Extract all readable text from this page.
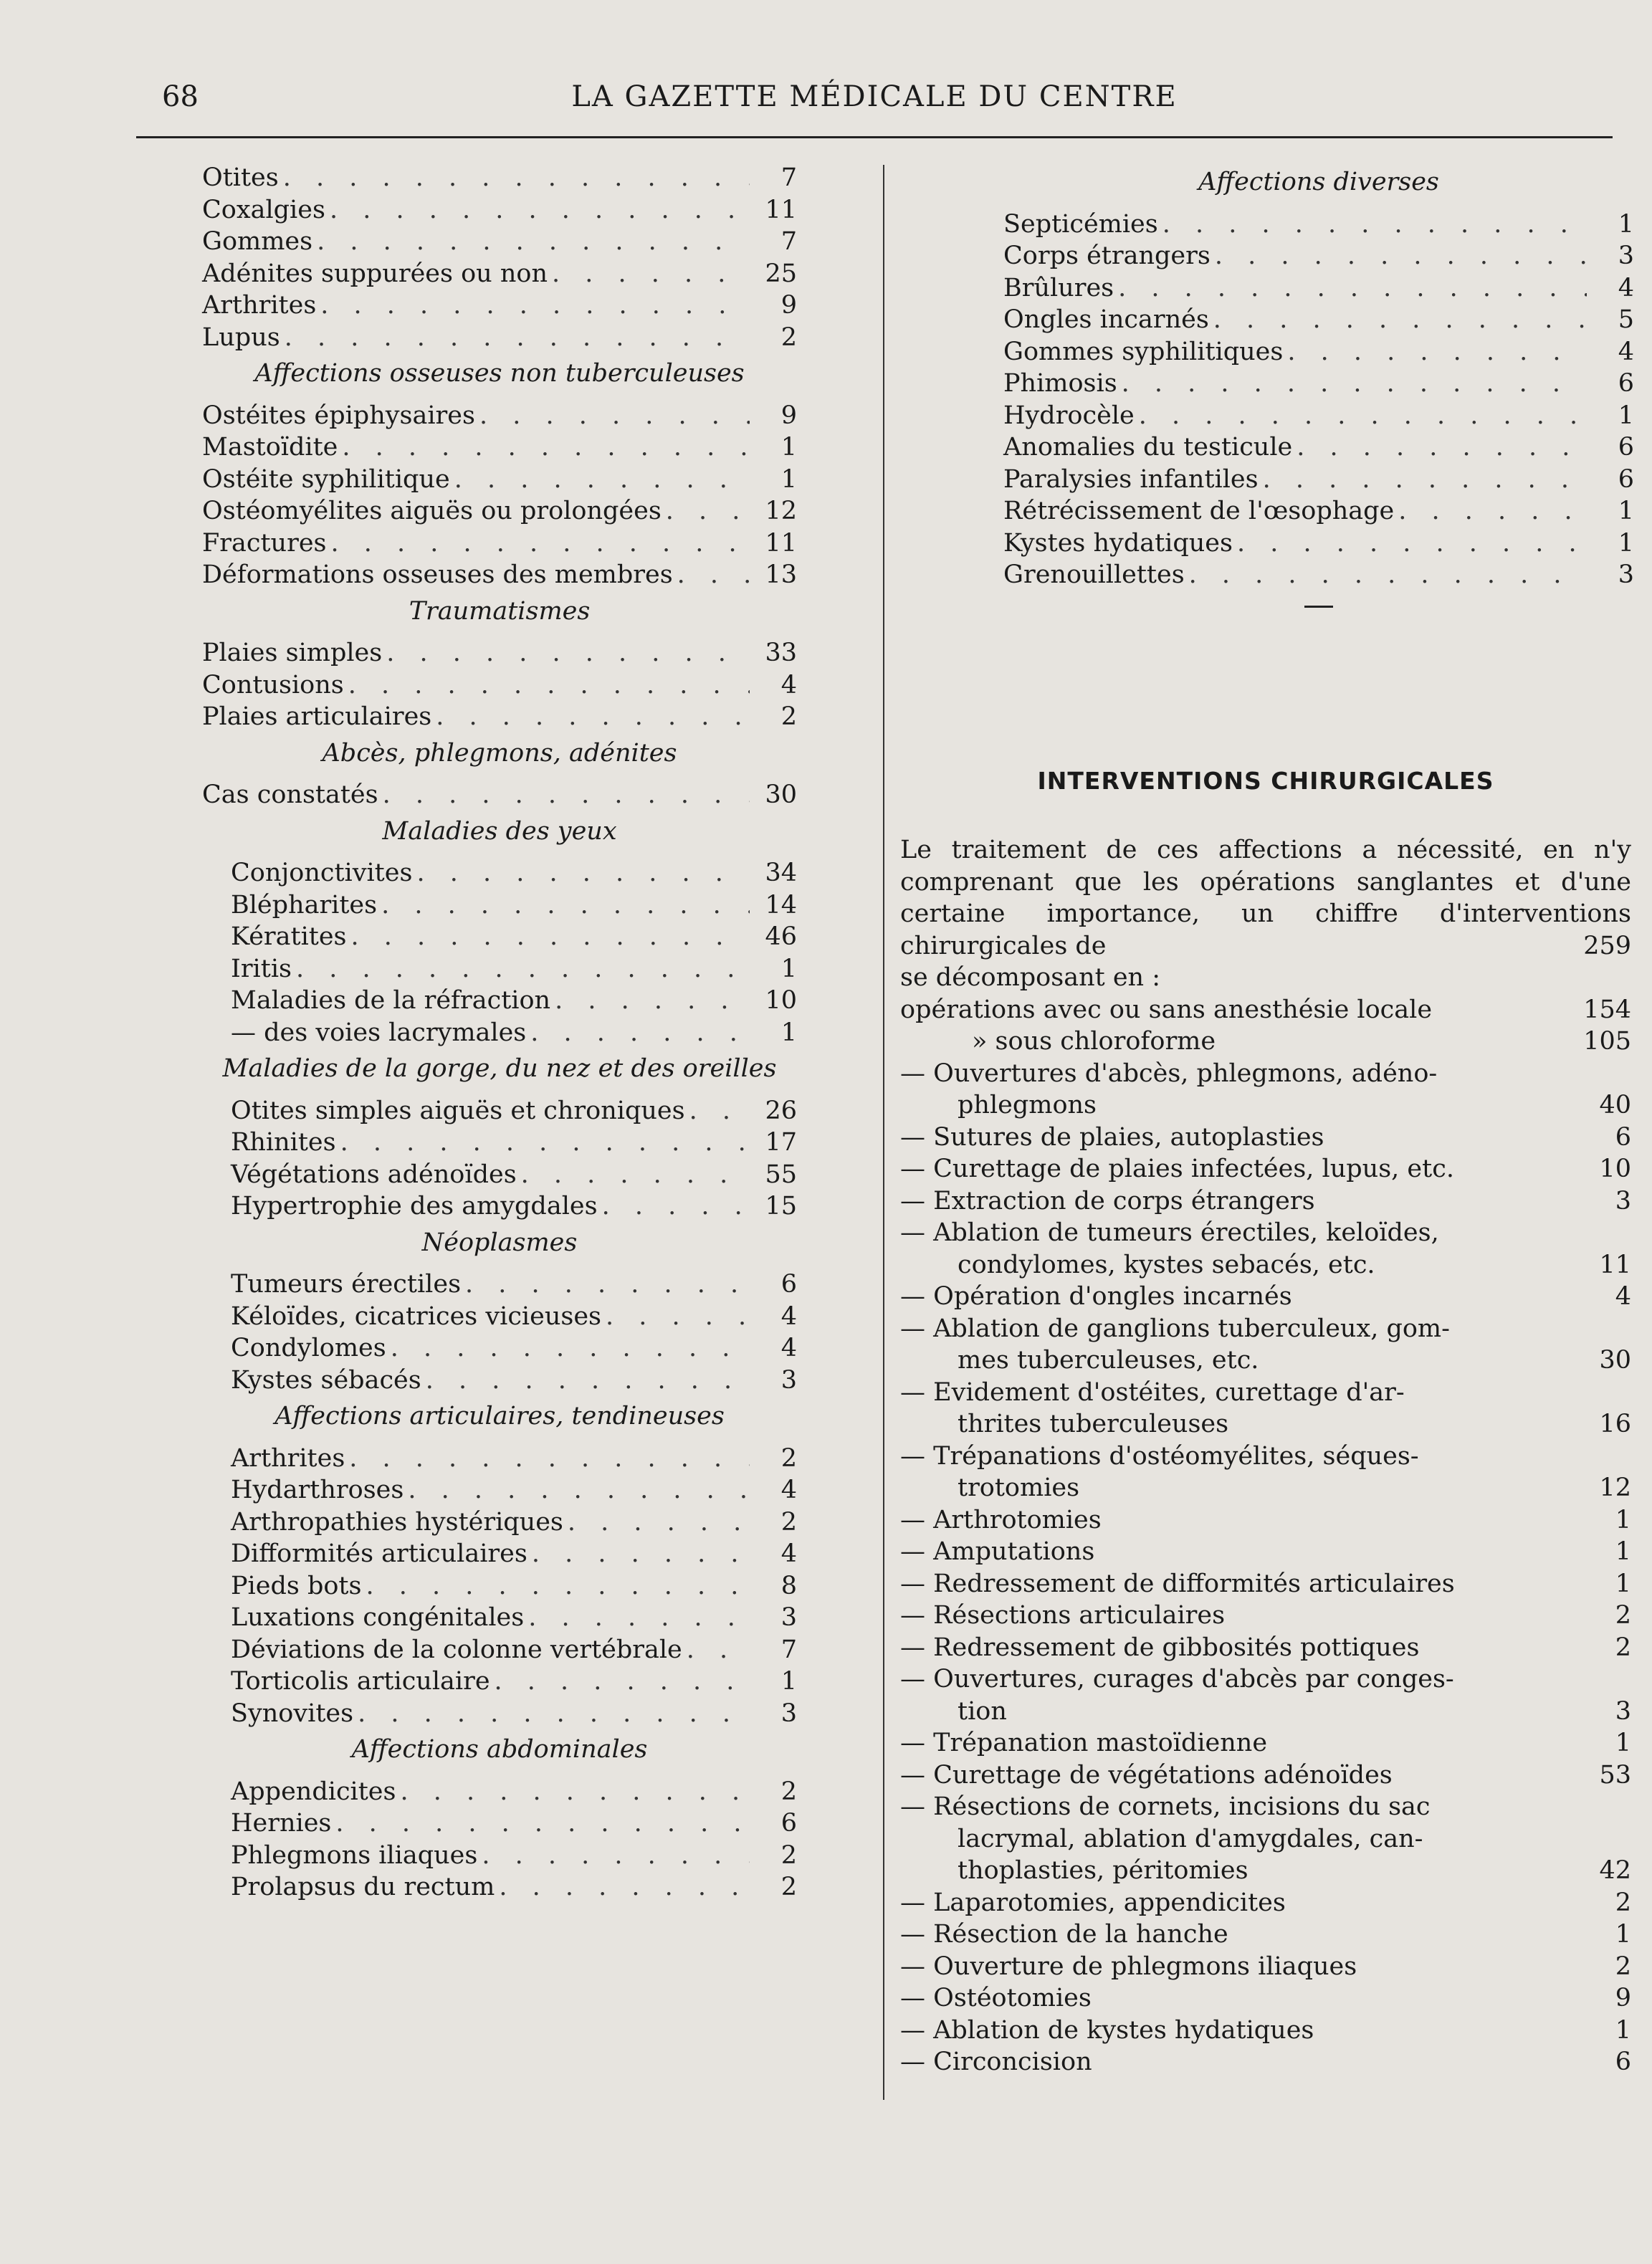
68	LA GAZETTE MÉDICALE DU CENTRE
Otites . . .	7
Coxalgies . . .	11
Gommes . . .	7
Adénites suppurées ou non . . .	25
Arthrites . . .	9
Lupus . . .	2
Affections osseuses non tuberculeuses
Ostéites épiphysaires . . .	9
Mastoïdite . . .	1
Ostéite syphilitique . . .	1
Ostéomyélites aiguës ou prolongées . . .	12
Fractures . . .	11
Déformations osseuses des membres . . .	13
Traumatismes
Plaies simples . . .	33
Contusions . . .	4
Plaies articulaires . . .	2
Abcès, phlegmons, adénites
Cas constatés . . .	30
Maladies des yeux
Conjonctivites . . .	34
Blépharites . . .	14
Kératites . . .	46
Iritis . . .	1
Maladies de la réfraction . . .	10
— des voies lacrymales . . .	1
Maladies de la gorge, du nez et des oreilles
Otites simples aiguës et chroniques . . .	26
Rhinites . . .	17
Végétations adénoïdes . . .	55
Hypertrophie des amygdales . . .	15
Néoplasmes
Tumeurs érectiles . . .	6
Kéloïdes, cicatrices vicieuses . . .	4
Condylomes . . .	4
Kystes sébacés . . .	3
Affections articulaires, tendineuses
Arthrites . . .	2
Hydarthroses . . .	4
Arthropathies hystériques . . .	2
Difformités articulaires . . .	4
Pieds bots . . .	8
Luxations congénitales . . .	3
Déviations de la colonne vertébrale . . .	7
Torticolis articulaire . . .	1
Synovites . . .	3
Affections abdominales
Appendicites . . .	2
Hernies . . .	6
Phlegmons iliaques . . .	2
Prolapsus du rectum . . .	2
Affections diverses
Septicémies . . .	1
Corps étrangers . . .	3
Brûlures . . .	4
Ongles incarnés . . .	5
Gommes syphilitiques . . .	4
Phimosis . . .	6
Hydrocèle . . .	1
Anomalies du testicule . . .	6
Paralysies infantiles . . .	6
Rétrécissement de l'œsophage . . .	1
Kystes hydatiques . . .	1
Grenouillettes . . .	3
INTERVENTIONS CHIRURGICALES
Le traitement de ces affections a nécessité, en n'y comprenant que les opérations sanglantes et d'une certaine importance, un chiffre d'interventions chirurgicales de	259
se décomposant en :
opérations avec ou sans anesthésie locale	154
» sous chloroforme	105
— Ouvertures d'abcès, phlegmons, adéno-
phlegmons	40
— Sutures de plaies, autoplasties	6
— Curettage de plaies infectées, lupus, etc.	10
— Extraction de corps étrangers	3
— Ablation de tumeurs érectiles, keloïdes,
condylomes, kystes sebacés, etc.	11
— Opération d'ongles incarnés	4
— Ablation de ganglions tuberculeux, gom-
mes tuberculeuses, etc.	30
— Evidement d'ostéites, curettage d'ar-
thrites tuberculeuses	16
— Trépanations d'ostéomyélites, séques-
trotomies	12
— Arthrotomies	1
— Amputations	1
— Redressement de difformités articulaires	1
— Résections articulaires	2
— Redressement de gibbosités pottiques	2
— Ouvertures, curages d'abcès par conges-
tion	3
— Trépanation mastoïdienne	1
— Curettage de végétations adénoïdes	53
— Résections de cornets, incisions du sac
lacrymal, ablation d'amygdales, can-
thoplasties, péritomies	42
— Laparotomies, appendicites	2
— Résection de la hanche	1
— Ouverture de phlegmons iliaques	2
— Ostéotomies	9
— Ablation de kystes hydatiques	1
— Circoncision	6
